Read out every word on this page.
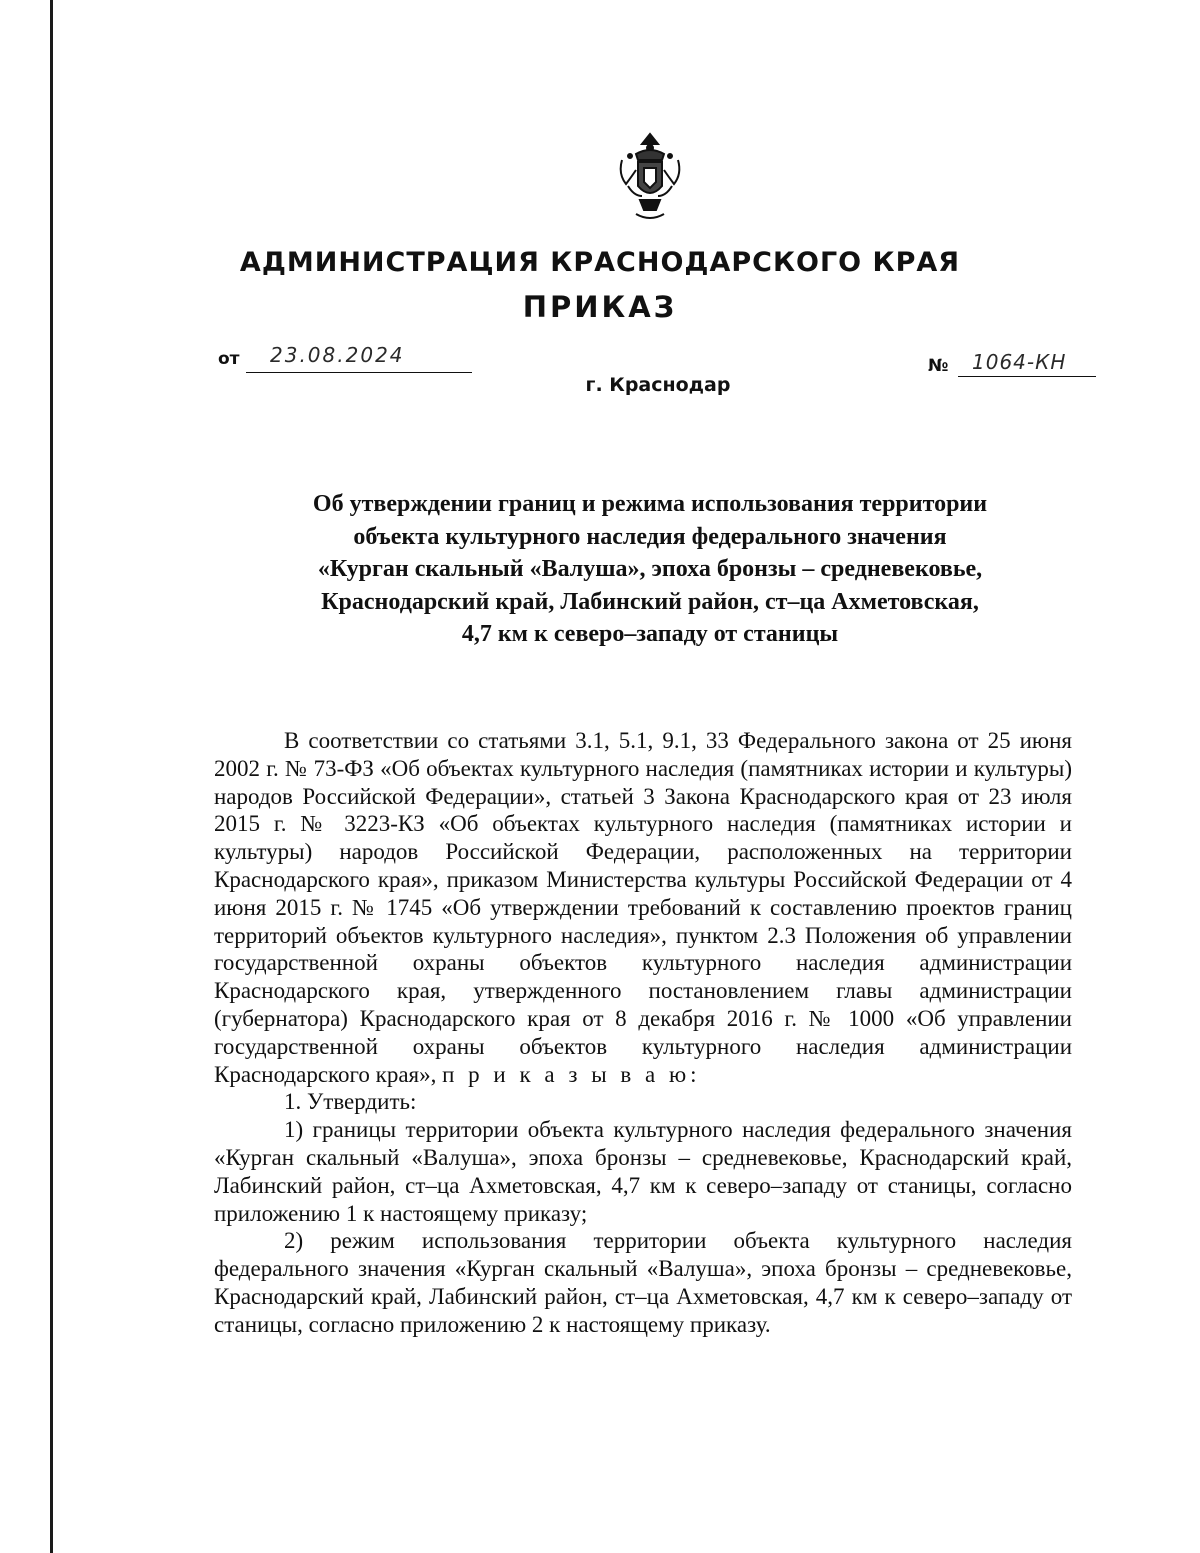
АДМИНИСТРАЦИЯ КРАСНОДАРСКОГО КРАЯ
ПРИКАЗ
от 23.08.2024	№ 1064-КН
г. Краснодар
Об утверждении границ и режима использования территории
объекта культурного наследия федерального значения
«Курган скальный «Валуша», эпоха бронзы – средневековье,
Краснодарский край, Лабинский район, ст–ца Ахметовская,
4,7 км к северо–западу от станицы

В соответствии со статьями 3.1, 5.1, 9.1, 33 Федерального закона от 25 июня 2002 г. № 73-ФЗ «Об объектах культурного наследия (памятниках истории и культуры) народов Российской Федерации», статьей 3 Закона Краснодарского края от 23 июля 2015 г. № 3223-КЗ «Об объектах культурного наследия (памятниках истории и культуры) народов Российской Федерации, расположенных на территории Краснодарского края», приказом Министерства культуры Российской Федерации от 4 июня 2015 г. № 1745 «Об утверждении требований к составлению проектов границ территорий объектов культурного наследия», пунктом 2.3 Положения об управлении государственной охраны объектов культурного наследия администрации Краснодарского края, утвержденного постановлением главы администрации (губернатора) Краснодарского края от 8 декабря 2016 г. № 1000 «Об управлении государственной охраны объектов культурного наследия администрации Краснодарского края», п р и к а з ы в а ю:

1. Утвердить:

1) границы территории объекта культурного наследия федерального значения «Курган скальный «Валуша», эпоха бронзы – средневековье, Краснодарский край, Лабинский район, ст–ца Ахметовская, 4,7 км к северо–западу от станицы, согласно приложению 1 к настоящему приказу;

2) режим использования территории объекта культурного наследия федерального значения «Курган скальный «Валуша», эпоха бронзы – средневековье, Краснодарский край, Лабинский район, ст–ца Ахметовская, 4,7 км к северо–западу от станицы, согласно приложению 2 к настоящему приказу.
